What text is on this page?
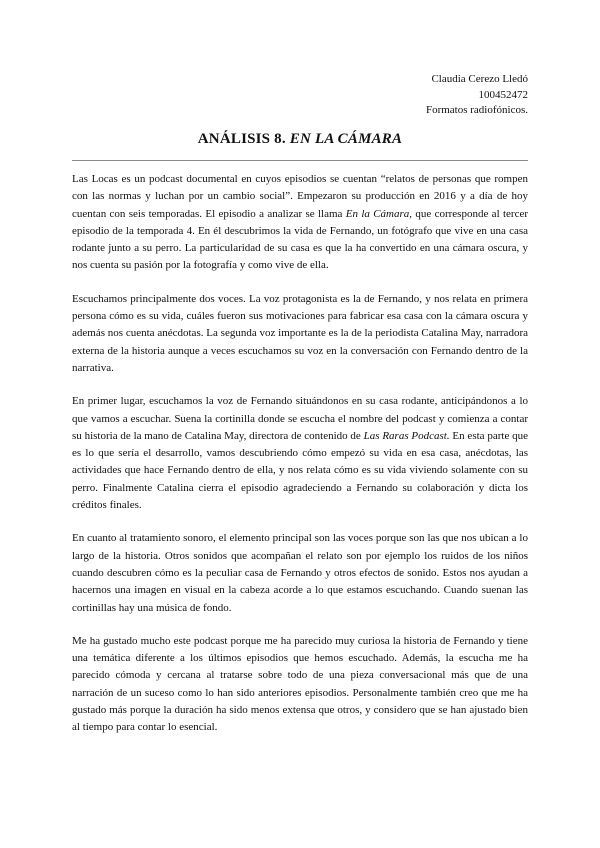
Claudia Cerezo Lledó
100452472
Formatos radiofónicos.
ANÁLISIS 8. EN LA CÁMARA

Las Locas es un podcast documental en cuyos episodios se cuentan “relatos de personas que rompen con las normas y luchan por un cambio social”. Empezaron su producción en 2016 y a día de hoy cuentan con seis temporadas. El episodio a analizar se llama En la Cámara, que corresponde al tercer episodio de la temporada 4. En él descubrimos la vida de Fernando, un fotógrafo que vive en una casa rodante junto a su perro. La particularidad de su casa es que la ha convertido en una cámara oscura, y nos cuenta su pasión por la fotografía y como vive de ella.

Escuchamos principalmente dos voces. La voz protagonista es la de Fernando, y nos relata en primera persona cómo es su vida, cuáles fueron sus motivaciones para fabricar esa casa con la cámara oscura y además nos cuenta anécdotas. La segunda voz importante es la de la periodista Catalina May, narradora externa de la historia aunque a veces escuchamos su voz en la conversación con Fernando dentro de la narrativa.

En primer lugar, escuchamos la voz de Fernando situándonos en su casa rodante, anticipándonos a lo que vamos a escuchar. Suena la cortinilla donde se escucha el nombre del podcast y comienza a contar su historia de la mano de Catalina May, directora de contenido de Las Raras Podcast. En esta parte que es lo que sería el desarrollo, vamos descubriendo cómo empezó su vida en esa casa, anécdotas, las actividades que hace Fernando dentro de ella, y nos relata cómo es su vida viviendo solamente con su perro. Finalmente Catalina cierra el episodio agradeciendo a Fernando su colaboración y dicta los créditos finales.

En cuanto al tratamiento sonoro, el elemento principal son las voces porque son las que nos ubican a lo largo de la historia. Otros sonidos que acompañan el relato son por ejemplo los ruidos de los niños cuando descubren cómo es la peculiar casa de Fernando y otros efectos de sonido. Estos nos ayudan a hacernos una imagen en visual en la cabeza acorde a lo que estamos escuchando. Cuando suenan las cortinillas hay una música de fondo.

Me ha gustado mucho este podcast porque me ha parecido muy curiosa la historia de Fernando y tiene una temática diferente a los últimos episodios que hemos escuchado. Además, la escucha me ha parecido cómoda y cercana al tratarse sobre todo de una pieza conversacional más que de una narración de un suceso como lo han sido anteriores episodios. Personalmente también creo que me ha gustado más porque la duración ha sido menos extensa que otros, y considero que se han ajustado bien al tiempo para contar lo esencial.
